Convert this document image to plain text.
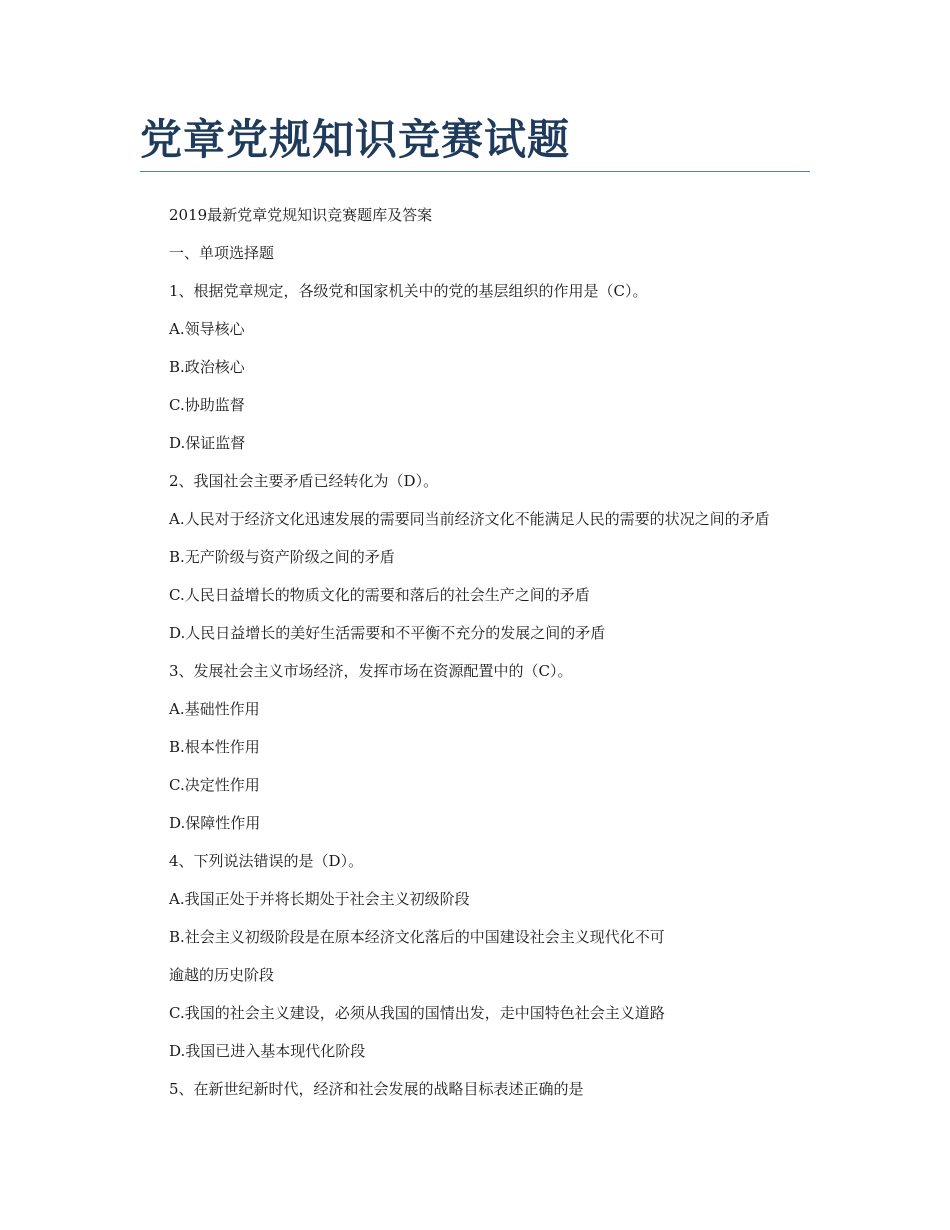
党章党规知识竞赛试题

2019最新党章党规知识竞赛题库及答案

一、单项选择题

1、根据党章规定，各级党和国家机关中的党的基层组织的作用是（C）。

A.领导核心

B.政治核心

C.协助监督

D.保证监督

2、我国社会主要矛盾已经转化为（D）。

A.人民对于经济文化迅速发展的需要同当前经济文化不能满足人民的需要的状况之间的矛盾

B.无产阶级与资产阶级之间的矛盾

C.人民日益增长的物质文化的需要和落后的社会生产之间的矛盾

D.人民日益增长的美好生活需要和不平衡不充分的发展之间的矛盾

3、发展社会主义市场经济，发挥市场在资源配置中的（C）。

A.基础性作用

B.根本性作用

C.决定性作用

D.保障性作用

4、下列说法错误的是（D）。

A.我国正处于并将长期处于社会主义初级阶段

B.社会主义初级阶段是在原本经济文化落后的中国建设社会主义现代化不可

逾越的历史阶段

C.我国的社会主义建设，必须从我国的国情出发，走中国特色社会主义道路

D.我国已进入基本现代化阶段

5、在新世纪新时代，经济和社会发展的战略目标表述正确的是
